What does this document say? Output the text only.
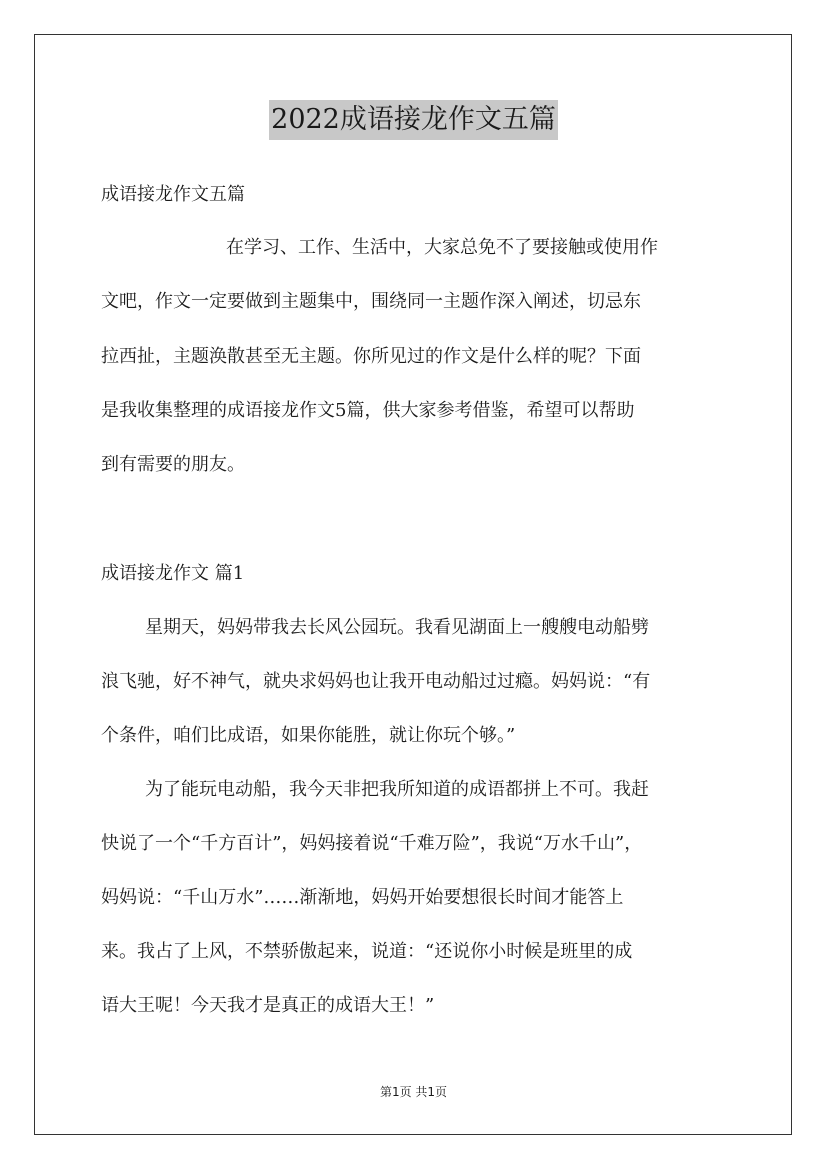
2022成语接龙作文五篇
成语接龙作文五篇
在学习、工作、生活中，大家总免不了要接触或使用作
文吧，作文一定要做到主题集中，围绕同一主题作深入阐述，切忌东
拉西扯，主题涣散甚至无主题。你所见过的作文是什么样的呢？下面
是我收集整理的成语接龙作文5篇，供大家参考借鉴，希望可以帮助
到有需要的朋友。
成语接龙作文 篇1
星期天，妈妈带我去长风公园玩。我看见湖面上一艘艘电动船劈
浪飞驰，好不神气，就央求妈妈也让我开电动船过过瘾。妈妈说：“有
个条件，咱们比成语，如果你能胜，就让你玩个够。”
为了能玩电动船，我今天非把我所知道的成语都拼上不可。我赶
快说了一个“千方百计”，妈妈接着说“千难万险”，我说“万水千山”，
妈妈说：“千山万水”……渐渐地，妈妈开始要想很长时间才能答上
来。我占了上风，不禁骄傲起来，说道：“还说你小时候是班里的成
语大王呢！今天我才是真正的成语大王！”
第1页 共1页
